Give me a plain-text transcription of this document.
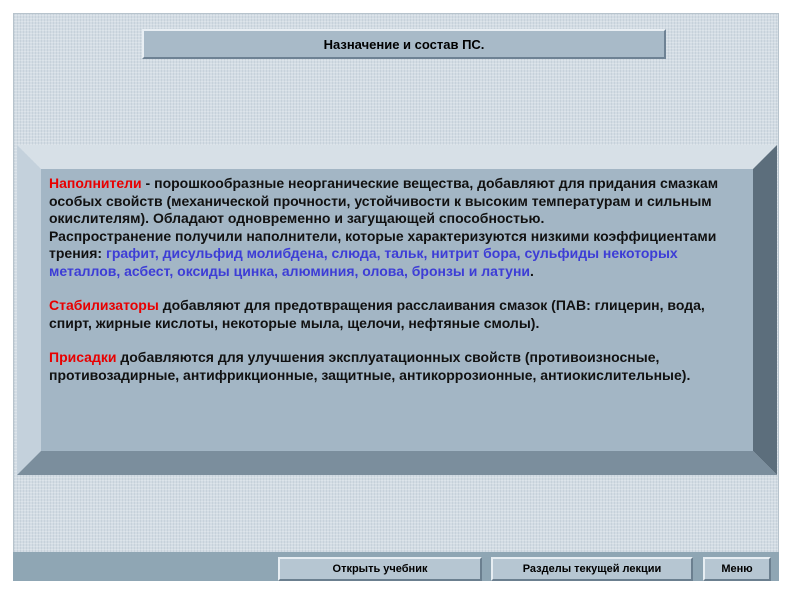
Назначение и состав ПС.

Наполнители - порошкообразные неорганические вещества, добавляют для придания смазкам особых свойств (механической прочности, устойчивости к высоким температурам и сильным окислителям). Обладают одновременно и загущающей способностью.

Распространение получили наполнители, которые характеризуются низкими коэффициентами трения: графит, дисульфид молибдена, слюда, тальк, нитрит бора, сульфиды некоторых металлов, асбест, оксиды цинка, алюминия, олова, бронзы и латуни.

Стабилизаторы добавляют для предотвращения расслаивания смазок (ПАВ: глицерин, вода, спирт, жирные кислоты, некоторые мыла, щелочи, нефтяные смолы).

Присадки добавляются для улучшения эксплуатационных свойств (противоизносные, противозадирные, антифрикционные, защитные, антикоррозионные, антиокислительные).

Открыть учебник	Разделы текущей лекции	Меню
